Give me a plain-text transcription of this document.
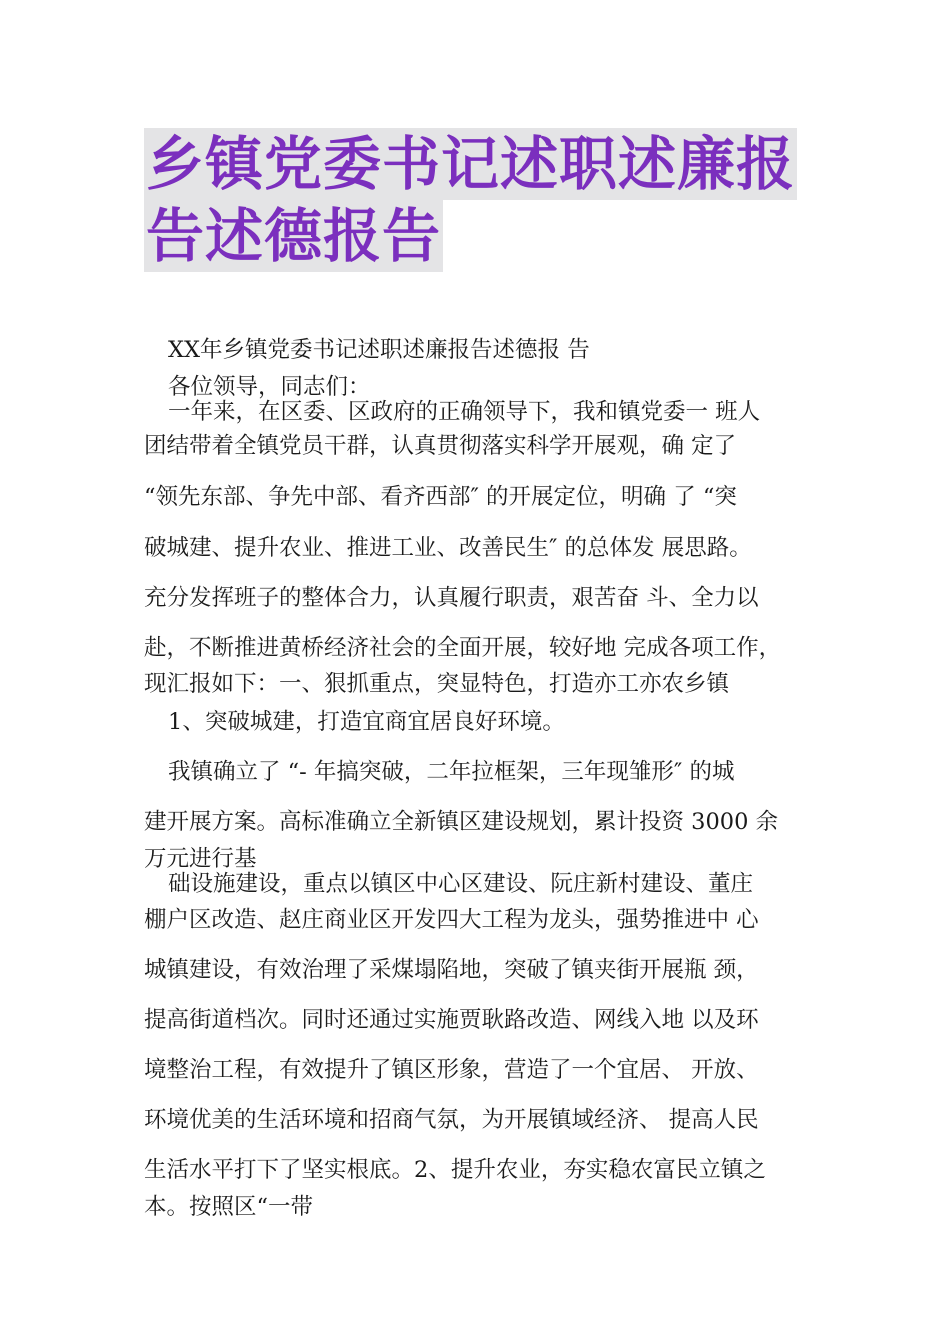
乡镇党委书记述职述廉报
告述德报告
XX年乡镇党委书记述职述廉报告述德报 告
各位领导，同志们：
一年来，在区委、区政府的正确领导下，我和镇党委一 班人
团结带着全镇党员干群，认真贯彻落实科学开展观，确 定了
“领先东部、争先中部、看齐西部″ 的开展定位，明确 了 “突
破城建、提升农业、推进工业、改善民生″ 的总体发 展思路。
充分发挥班子的整体合力，认真履行职责，艰苦奋 斗、全力以
赴，不断推进黄桥经济社会的全面开展，较好地 完成各项工作，
现汇报如下：一、狠抓重点，突显特色，打造亦工亦农乡镇
1、突破城建，打造宜商宜居良好环境。
我镇确立了 “- 年搞突破，二年拉框架，三年现雏形″ 的城
建开展方案。高标准确立全新镇区建设规划，累计投资 3000 余
万元进行基
础设施建设，重点以镇区中心区建设、阮庄新村建设、董庄
棚户区改造、赵庄商业区开发四大工程为龙头，强势推进中 心
城镇建设，有效治理了采煤塌陷地，突破了镇夹街开展瓶 颈，
提高街道档次。同时还通过实施贾耿路改造、网线入地 以及环
境整治工程，有效提升了镇区形象，营造了一个宜居、 开放、
环境优美的生活环境和招商气氛，为开展镇域经济、 提高人民
生活水平打下了坚实根底。2、提升农业，夯实稳农富民立镇之
本。按照区“一带
